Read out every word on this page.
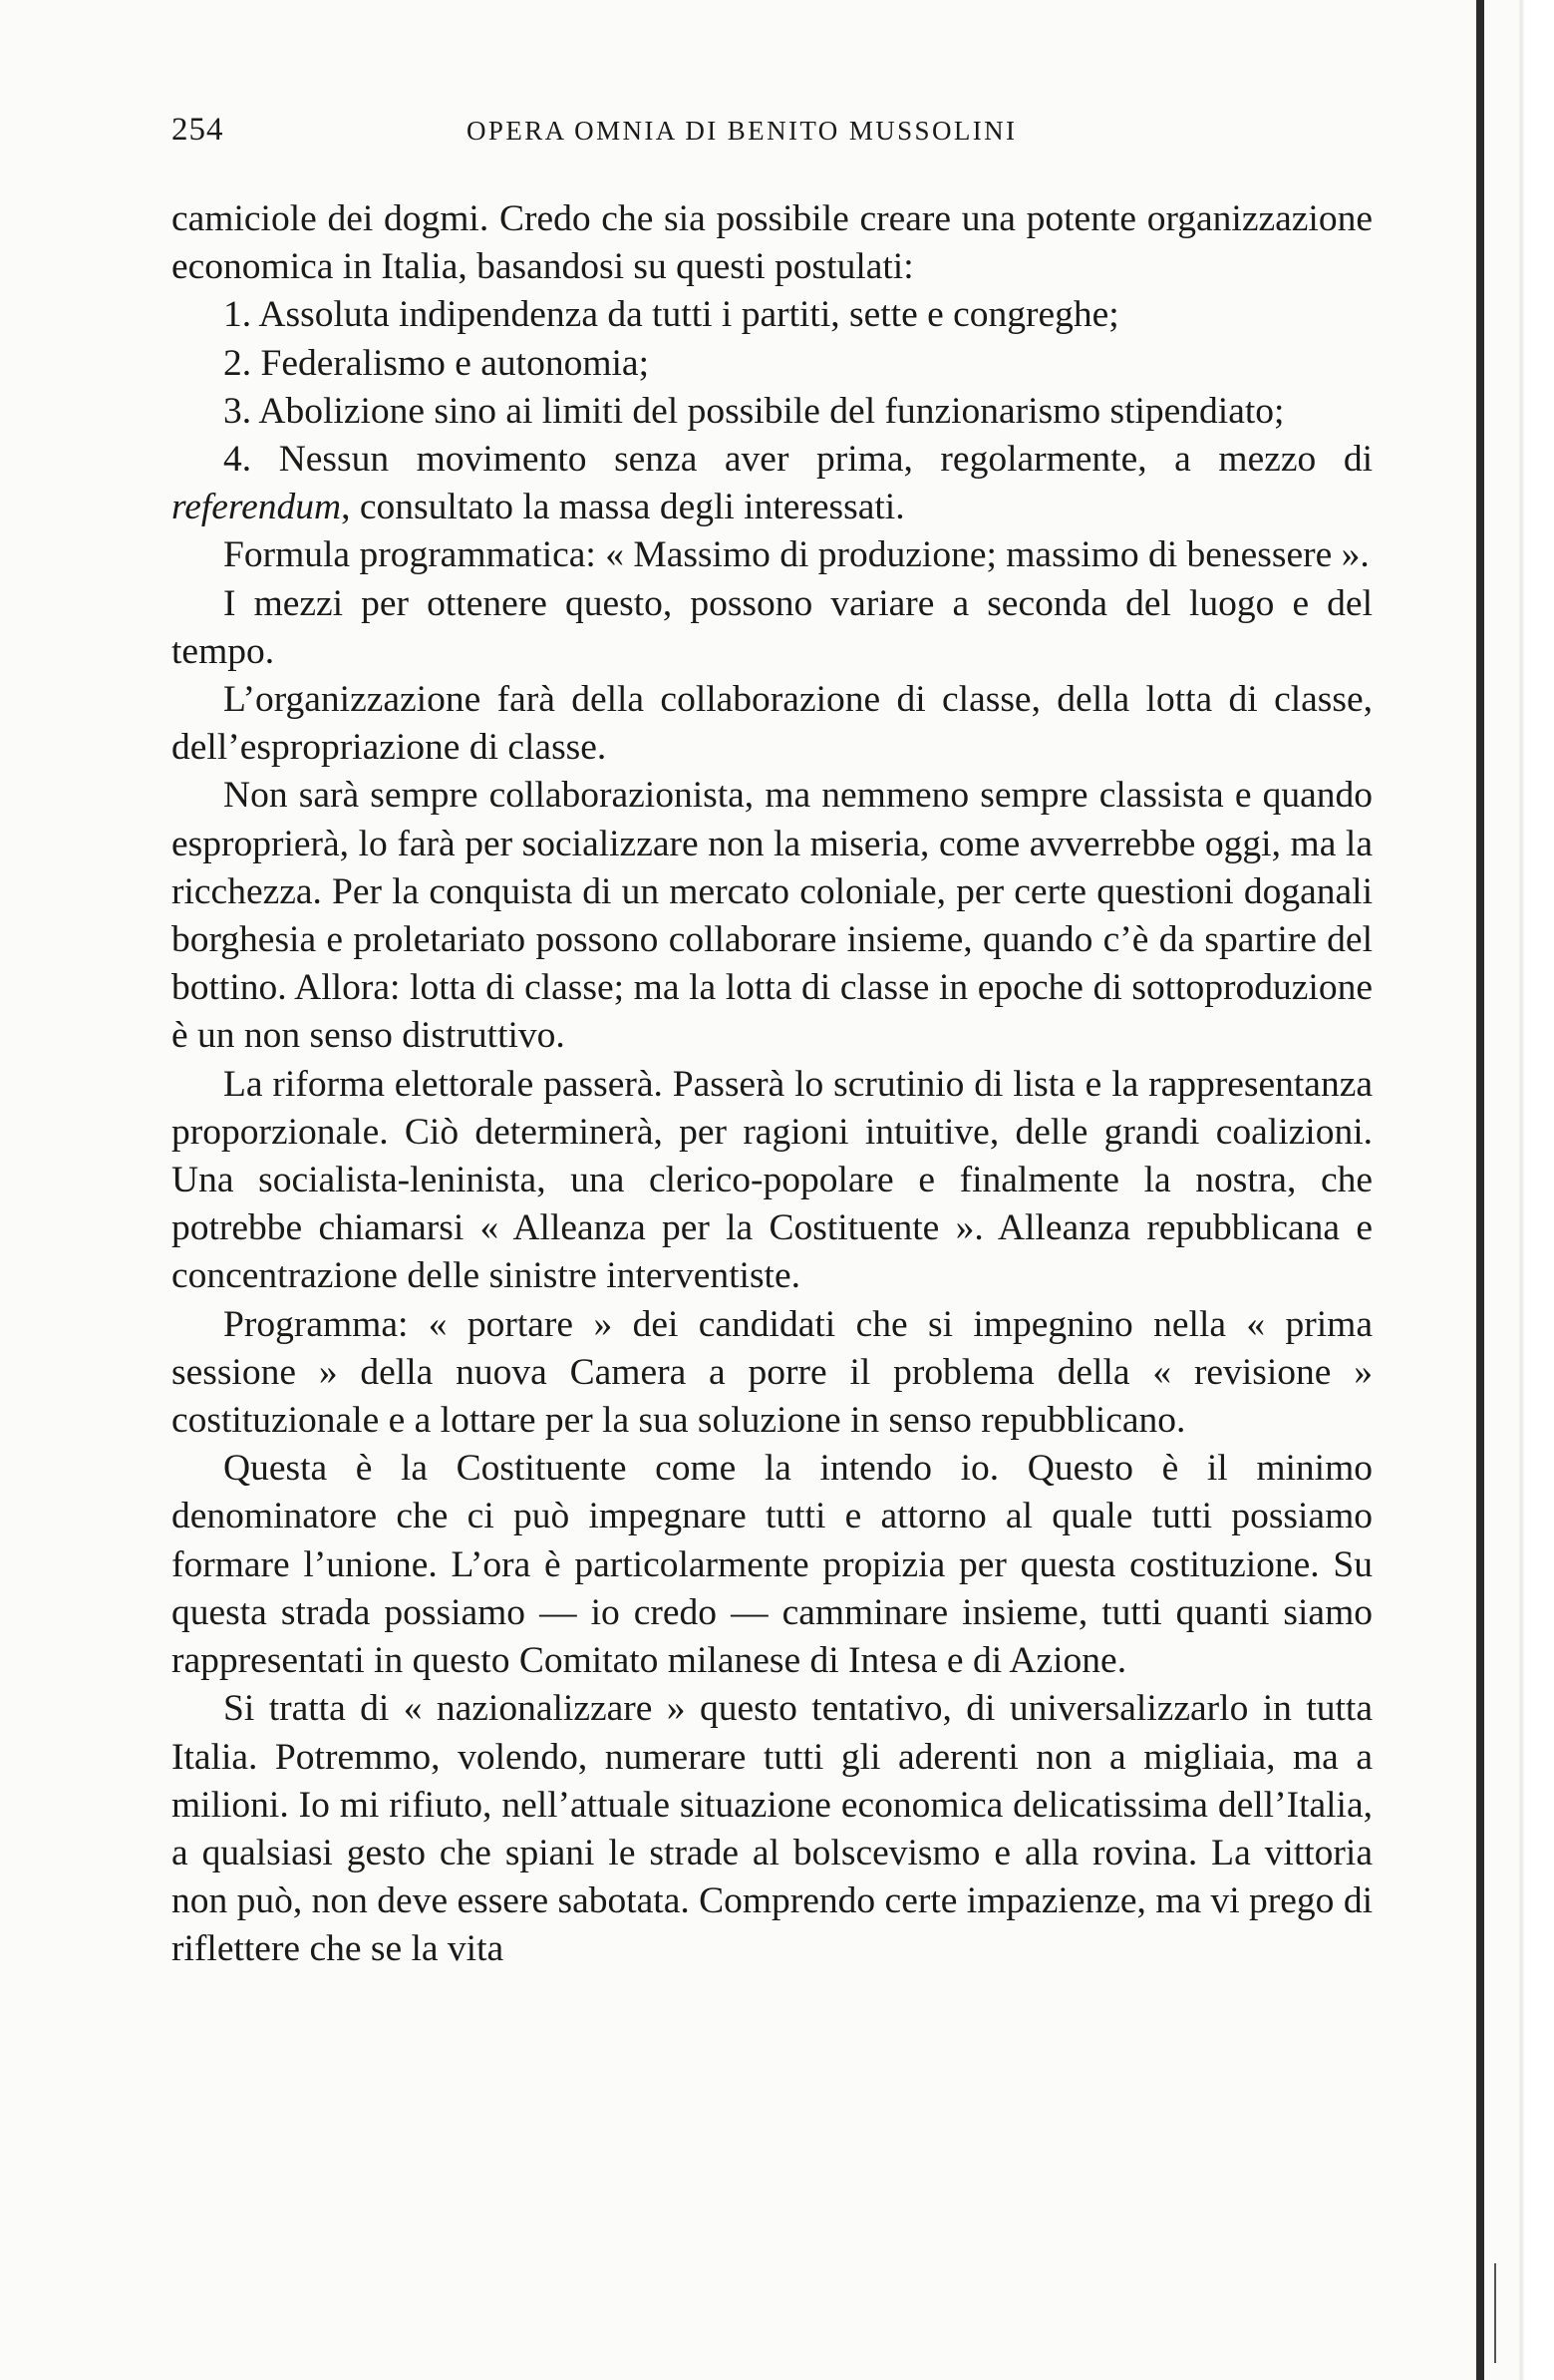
254	OPERA OMNIA DI BENITO MUSSOLINI

camiciole dei dogmi. Credo che sia possibile creare una potente organizzazione economica in Italia, basandosi su questi postulati:

1. Assoluta indipendenza da tutti i partiti, sette e congreghe;

2. Federalismo e autonomia;

3. Abolizione sino ai limiti del possibile del funzionarismo stipendiato;

4. Nessun movimento senza aver prima, regolarmente, a mezzo di referendum, consultato la massa degli interessati.

Formula programmatica: « Massimo di produzione; massimo di benessere ».

I mezzi per ottenere questo, possono variare a seconda del luogo e del tempo.

L’organizzazione farà della collaborazione di classe, della lotta di classe, dell’espropriazione di classe.

Non sarà sempre collaborazionista, ma nemmeno sempre classista e quando esproprierà, lo farà per socializzare non la miseria, come avverrebbe oggi, ma la ricchezza. Per la conquista di un mercato coloniale, per certe questioni doganali borghesia e proletariato possono collaborare insieme, quando c’è da spartire del bottino. Allora: lotta di classe; ma la lotta di classe in epoche di sottoproduzione è un non senso distruttivo.

La riforma elettorale passerà. Passerà lo scrutinio di lista e la rappresentanza proporzionale. Ciò determinerà, per ragioni intuitive, delle grandi coalizioni. Una socialista-leninista, una clerico-popolare e finalmente la nostra, che potrebbe chiamarsi « Alleanza per la Costituente ». Alleanza repubblicana e concentrazione delle sinistre interventiste.

Programma: « portare » dei candidati che si impegnino nella « prima sessione » della nuova Camera a porre il problema della « revisione » costituzionale e a lottare per la sua soluzione in senso repubblicano.

Questa è la Costituente come la intendo io. Questo è il minimo denominatore che ci può impegnare tutti e attorno al quale tutti possiamo formare l’unione. L’ora è particolarmente propizia per questa costituzione. Su questa strada possiamo — io credo — camminare insieme, tutti quanti siamo rappresentati in questo Comitato milanese di Intesa e di Azione.

Si tratta di « nazionalizzare » questo tentativo, di universalizzarlo in tutta Italia. Potremmo, volendo, numerare tutti gli aderenti non a migliaia, ma a milioni. Io mi rifiuto, nell’attuale situazione economica delicatissima dell’Italia, a qualsiasi gesto che spiani le strade al bolscevismo e alla rovina. La vittoria non può, non deve essere sabotata. Comprendo certe impazienze, ma vi prego di riflettere che se la vita
